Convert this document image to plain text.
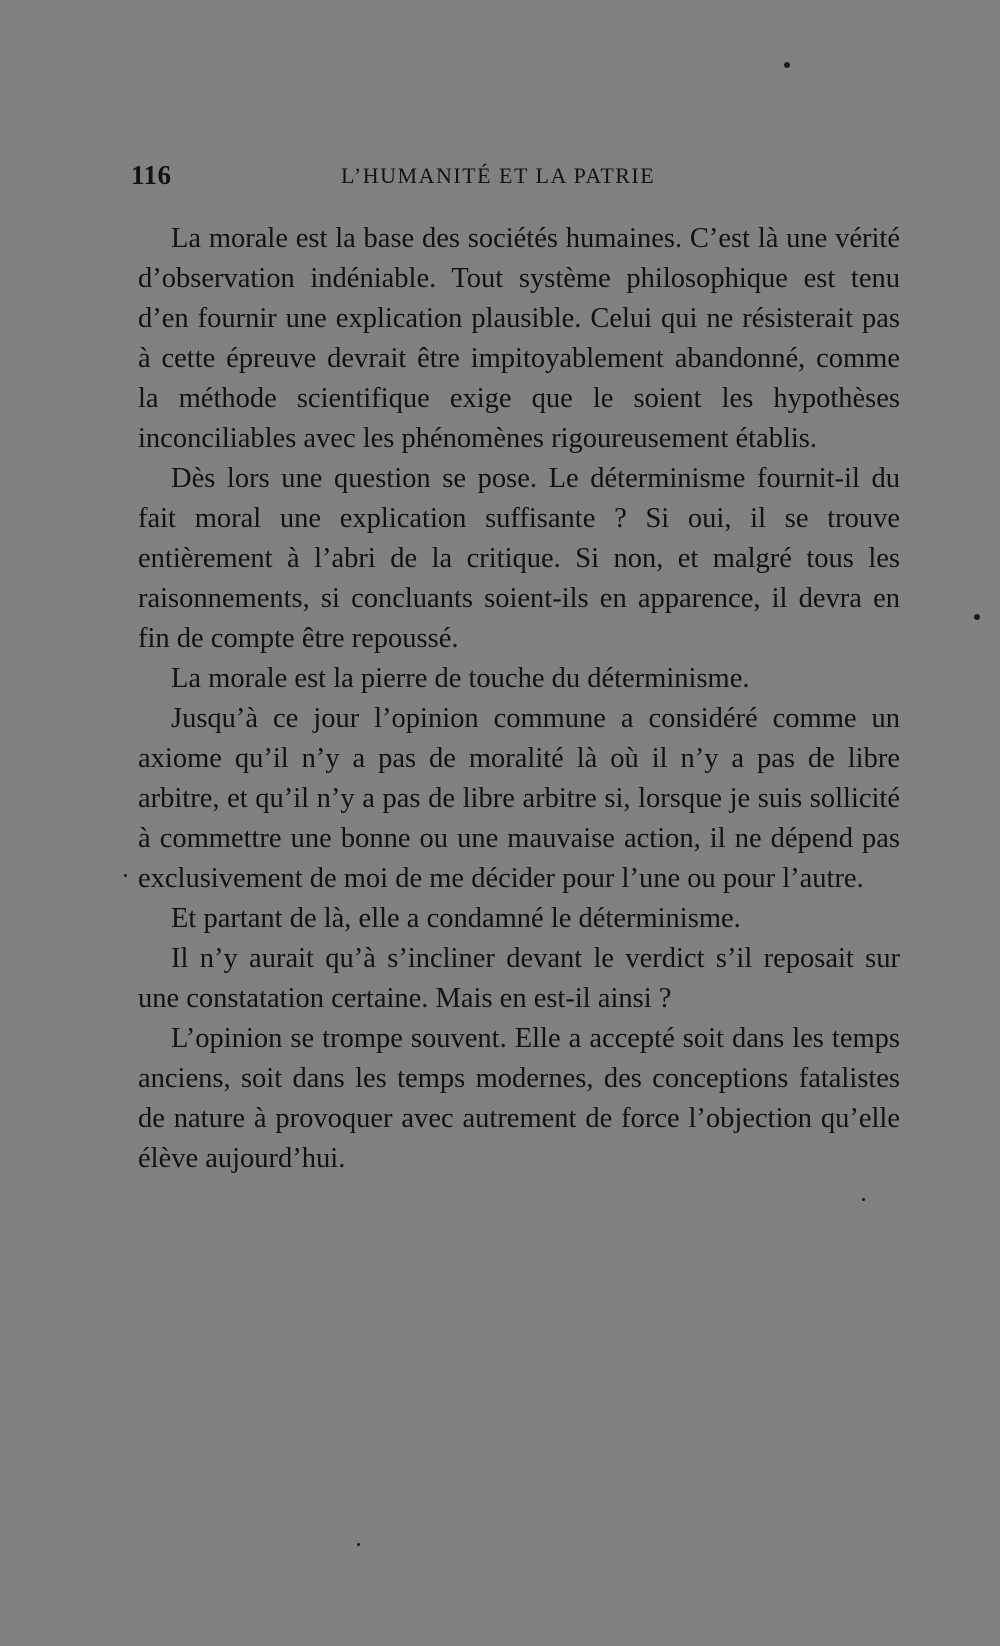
116	L’HUMANITÉ ET LA PATRIE

La morale est la base des sociétés humaines. C’est là une vérité d’observation indéniable. Tout système philosophique est tenu d’en fournir une explication plausible. Celui qui ne résisterait pas à cette épreuve devrait être impitoyablement abandonné, comme la méthode scientifique exige que le soient les hypothèses inconciliables avec les phénomènes rigoureusement établis.

Dès lors une question se pose. Le déterminisme fournit-il du fait moral une explication suffisante ? Si oui, il se trouve entièrement à l’abri de la critique. Si non, et malgré tous les raisonnements, si concluants soient-ils en apparence, il devra en fin de compte être repoussé.

La morale est la pierre de touche du déterminisme.

Jusqu’à ce jour l’opinion commune a considéré comme un axiome qu’il n’y a pas de moralité là où il n’y a pas de libre arbitre, et qu’il n’y a pas de libre arbitre si, lorsque je suis sollicité à commettre une bonne ou une mauvaise action, il ne dépend pas exclusivement de moi de me décider pour l’une ou pour l’autre.

Et partant de là, elle a condamné le déterminisme.

Il n’y aurait qu’à s’incliner devant le verdict s’il reposait sur une constatation certaine. Mais en est-il ainsi ?

L’opinion se trompe souvent. Elle a accepté soit dans les temps anciens, soit dans les temps modernes, des conceptions fatalistes de nature à provoquer avec autrement de force l’objection qu’elle élève aujourd’hui.
